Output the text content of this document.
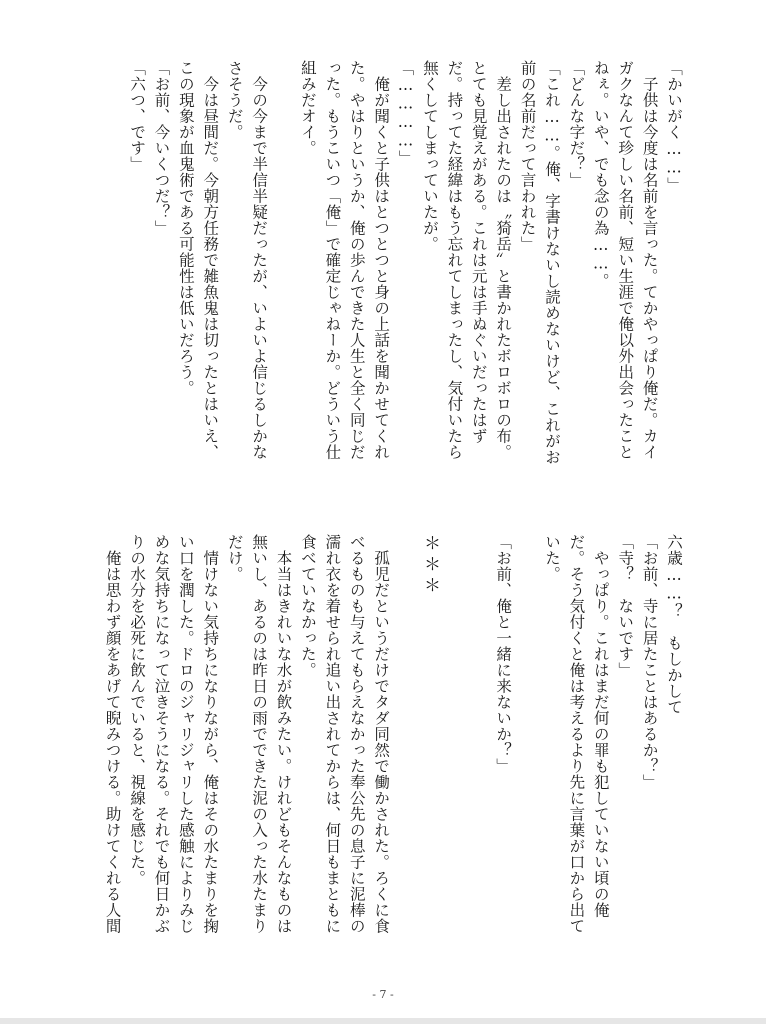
「かいがく……」
　子供は今度は名前を言った。てかやっぱり俺だ。カイ
ガクなんて珍しい名前、短い生涯で俺以外出会ったこと
ねぇ。いや、でも念の為……。
「どんな字だ？」
「これ……。俺、字書けないし読めないけど、これがお
前の名前だって言われた」
　差し出されたのは〝猗岳〟と書かれたボロボロの布。
とても見覚えがある。これは元は手ぬぐいだったはず
だ。持ってた経緯はもう忘れてしまったし、気付いたら
無くしてしまっていたが。
「…………」
　俺が聞くと子供はとつとつと身の上話を聞かせてくれ
た。やはりというか、俺の歩んできた人生と全く同じだ
った。もうこいつ「俺」で確定じゃねーか。どういう仕
組みだオイ。

　今の今まで半信半疑だったが、いよいよ信じるしかな
さそうだ。
　今は昼間だ。今朝方任務で雑魚鬼は切ったとはいえ、
この現象が血鬼術である可能性は低いだろう。
「お前、今いくつだ？」
「六つ、です」
六歳……？　もしかして
「お前、寺に居たことはあるか？」
「寺？　ないです」
　やっぱり。これはまだ何の罪も犯していない頃の俺
だ。そう気付くと俺は考えるより先に言葉が口から出て
いた。

「お前、俺と一緒に来ないか？」

＊＊＊

　孤児だというだけでタダ同然で働かされた。ろくに食
べるものも与えてもらえなかった奉公先の息子に泥棒の
濡れ衣を着せられ追い出されてからは、何日もまともに
食べていなかった。
　本当はきれいな水が飲みたい。けれどもそんなものは
無いし、あるのは昨日の雨でできた泥の入った水たまり
だけ。
　情けない気持ちになりながら、俺はその水たまりを掬
い口を潤した。ドロのジャリジャリした感触によりみじ
めな気持ちになって泣きそうになる。それでも何日かぶ
りの水分を必死に飲んでいると、視線を感じた。
　俺は思わず顔をあげて睨みつける。助けてくれる人間
- 7 -
